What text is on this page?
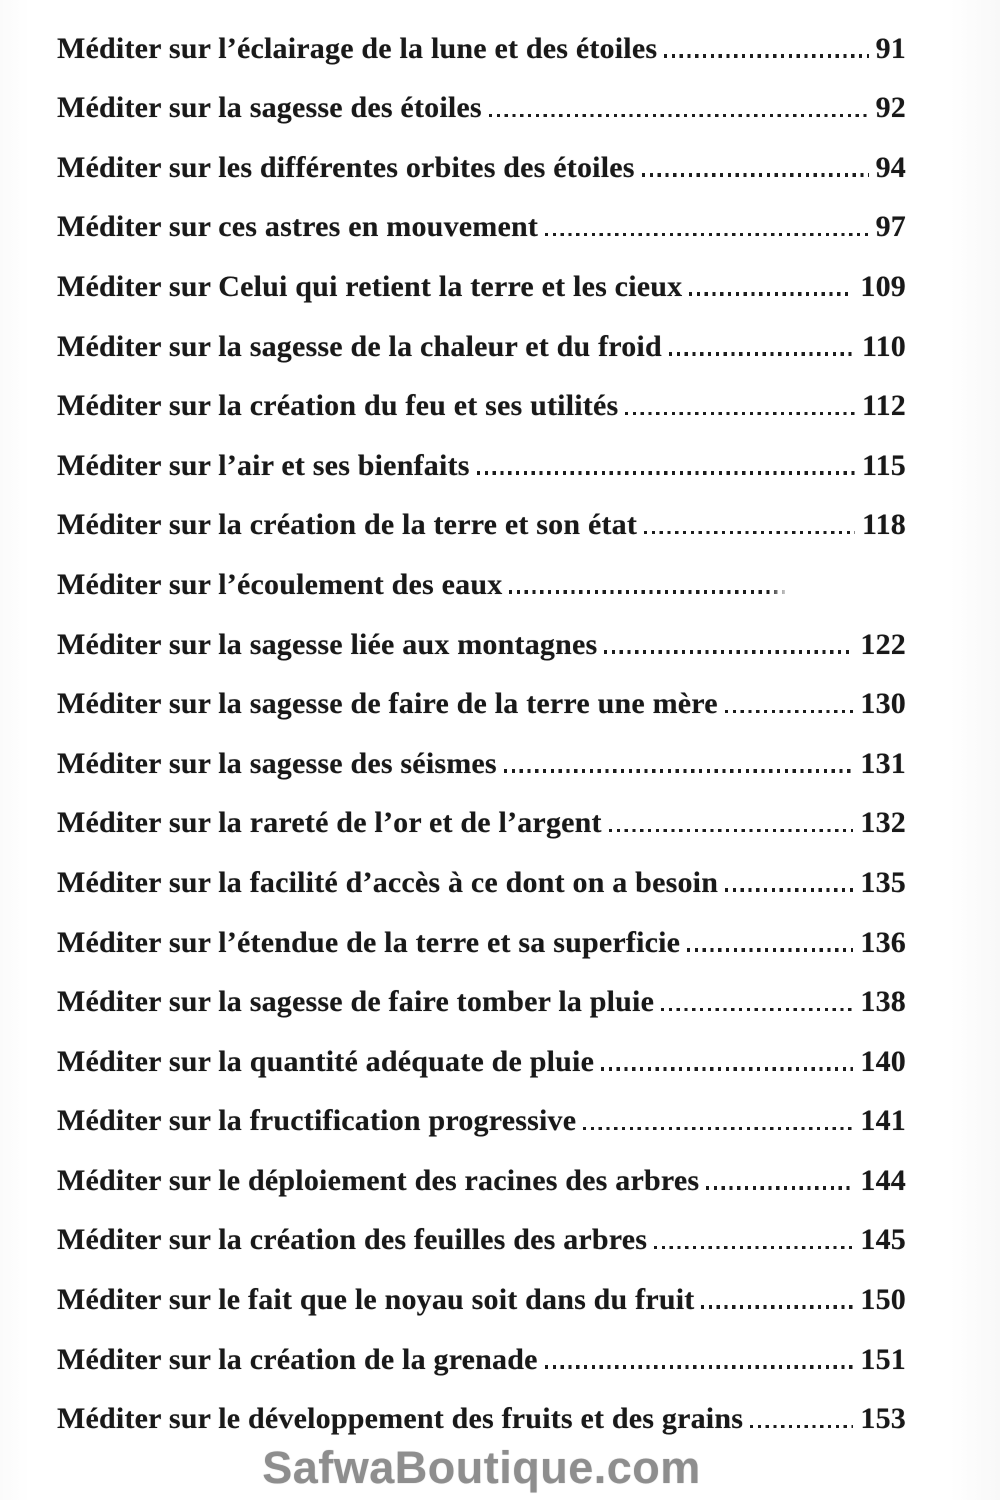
Méditer sur l’éclairage de la lune et des étoiles	91
Méditer sur la sagesse des étoiles	92
Méditer sur les différentes orbites des étoiles	94
Méditer sur ces astres en mouvement	97
Méditer sur Celui qui retient la terre et les cieux	109
Méditer sur la sagesse de la chaleur et du froid	110
Méditer sur la création du feu et ses utilités	112
Méditer sur l’air et ses bienfaits	115
Méditer sur la création de la terre et son état	118
Méditer sur l’écoulement des eaux
Méditer sur la sagesse liée aux montagnes	122
Méditer sur la sagesse de faire de la terre une mère	130
Méditer sur la sagesse des séismes	131
Méditer sur la rareté de l’or et de l’argent	132
Méditer sur la facilité d’accès à ce dont on a besoin	135
Méditer sur l’étendue de la terre et sa superficie	136
Méditer sur la sagesse de faire tomber la pluie	138
Méditer sur la quantité adéquate de pluie	140
Méditer sur la fructification progressive	141
Méditer sur le déploiement des racines des arbres	144
Méditer sur la création des feuilles des arbres	145
Méditer sur le fait que le noyau soit dans du fruit	150
Méditer sur la création de la grenade	151
Méditer sur le développement des fruits et des grains	153
SafwaBoutique.com
